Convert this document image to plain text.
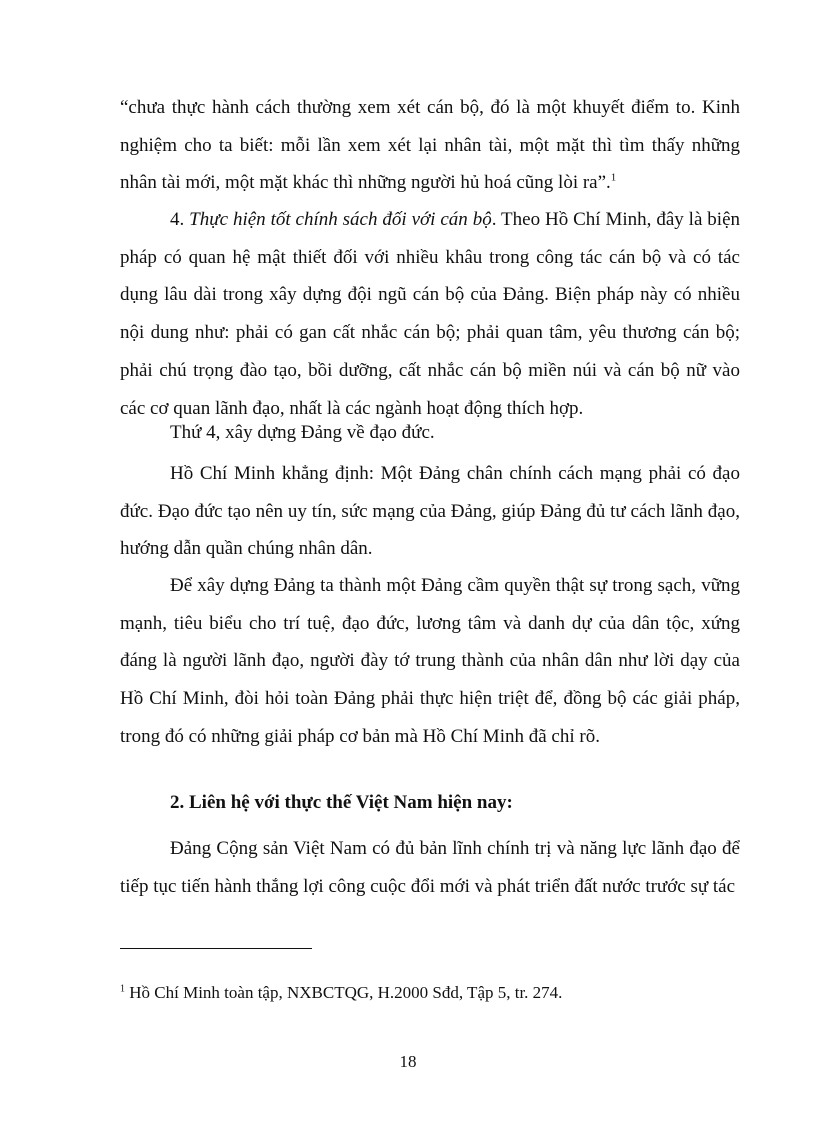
“chưa thực hành cách thường xem xét cán bộ, đó là một khuyết điểm to. Kinh nghiệm cho ta biết: mỗi lần xem xét lại nhân tài, một mặt thì tìm thấy những nhân tài mới, một mặt khác thì những người hủ hoá cũng lòi ra”.$^1$

4. Thực hiện tốt chính sách đối với cán bộ. Theo Hồ Chí Minh, đây là biện pháp có quan hệ mật thiết đối với nhiều khâu trong công tác cán bộ và có tác dụng lâu dài trong xây dựng đội ngũ cán bộ của Đảng. Biện pháp này có nhiều nội dung như: phải có gan cất nhắc cán bộ; phải quan tâm, yêu thương cán bộ; phải chú trọng đào tạo, bồi dưỡng, cất nhắc cán bộ miền núi và cán bộ nữ vào các cơ quan lãnh đạo, nhất là các ngành hoạt động thích hợp.

Thứ 4, xây dựng Đảng về đạo đức.

Hồ Chí Minh khẳng định: Một Đảng chân chính cách mạng phải có đạo đức. Đạo đức tạo nên uy tín, sức mạng của Đảng, giúp Đảng đủ tư cách lãnh đạo, hướng dẫn quần chúng nhân dân.

Để xây dựng Đảng ta thành một Đảng cầm quyền thật sự trong sạch, vững mạnh, tiêu biểu cho trí tuệ, đạo đức, lương tâm và danh dự của dân tộc, xứng đáng là người lãnh đạo, người đày tớ trung thành của nhân dân như lời dạy của Hồ Chí Minh, đòi hỏi toàn Đảng phải thực hiện triệt để, đồng bộ các giải pháp, trong đó có những giải pháp cơ bản mà Hồ Chí Minh đã chỉ rõ.

2. Liên hệ với thực thế Việt Nam hiện nay:

Đảng Cộng sản Việt Nam có đủ bản lĩnh chính trị và năng lực lãnh đạo để tiếp tục tiến hành thắng lợi công cuộc đổi mới và phát triển đất nước trước sự tác

$^1$ Hồ Chí Minh toàn tập, NXBCTQG, H.2000 Sđd, Tập 5, tr. 274.

18
